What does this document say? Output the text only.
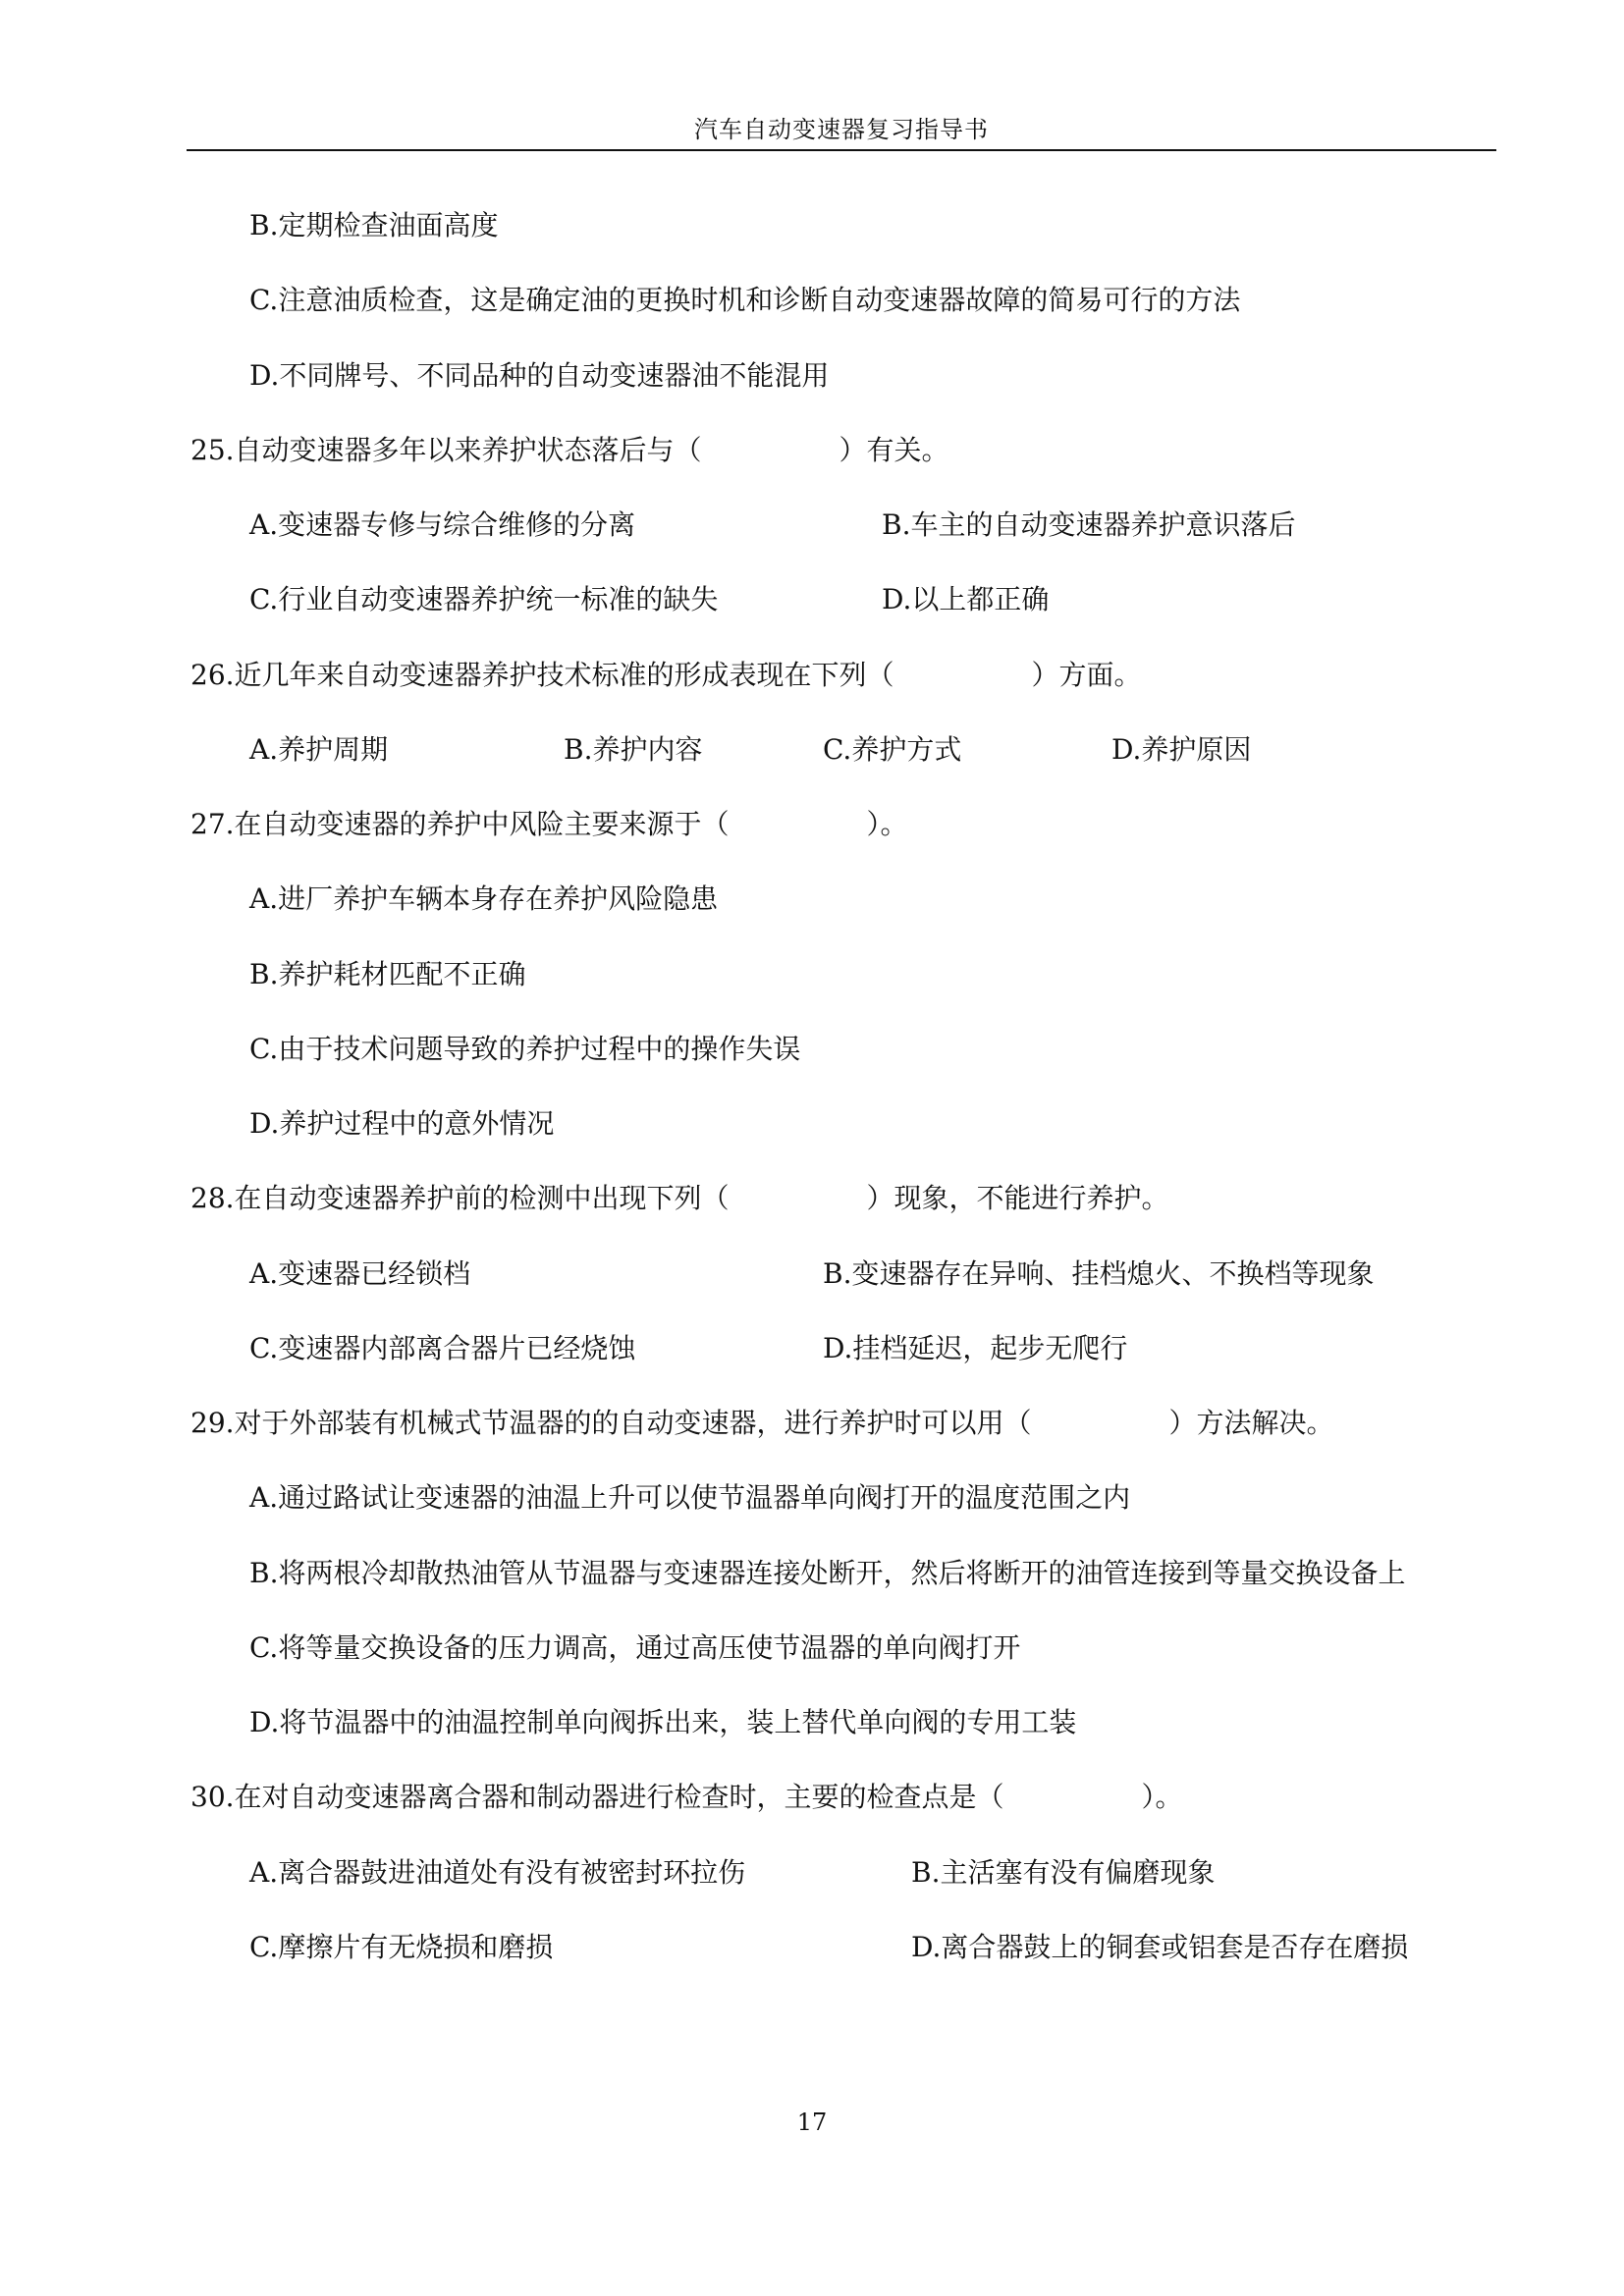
汽车自动变速器复习指导书
B.定期检查油面高度
C.注意油质检查，这是确定油的更换时机和诊断自动变速器故障的简易可行的方法
D.不同牌号、不同品种的自动变速器油不能混用
25.自动变速器多年以来养护状态落后与（	）有关。
A.变速器专修与综合维修的分离	B.车主的自动变速器养护意识落后
C.行业自动变速器养护统一标准的缺失	D.以上都正确
26.近几年来自动变速器养护技术标准的形成表现在下列（	）方面。
A.养护周期	B.养护内容	C.养护方式	D.养护原因
27.在自动变速器的养护中风险主要来源于（	）。
A.进厂养护车辆本身存在养护风险隐患
B.养护耗材匹配不正确
C.由于技术问题导致的养护过程中的操作失误
D.养护过程中的意外情况
28.在自动变速器养护前的检测中出现下列（	）现象，不能进行养护。
A.变速器已经锁档	B.变速器存在异响、挂档熄火、不换档等现象
C.变速器内部离合器片已经烧蚀	D.挂档延迟，起步无爬行
29.对于外部装有机械式节温器的的自动变速器，进行养护时可以用（	）方法解决。
A.通过路试让变速器的油温上升可以使节温器单向阀打开的温度范围之内
B.将两根冷却散热油管从节温器与变速器连接处断开，然后将断开的油管连接到等量交换设备上
C.将等量交换设备的压力调高，通过高压使节温器的单向阀打开
D.将节温器中的油温控制单向阀拆出来，装上替代单向阀的专用工装
30.在对自动变速器离合器和制动器进行检查时，主要的检查点是（	）。
A.离合器鼓进油道处有没有被密封环拉伤	B.主活塞有没有偏磨现象
C.摩擦片有无烧损和磨损	D.离合器鼓上的铜套或铝套是否存在磨损
17
